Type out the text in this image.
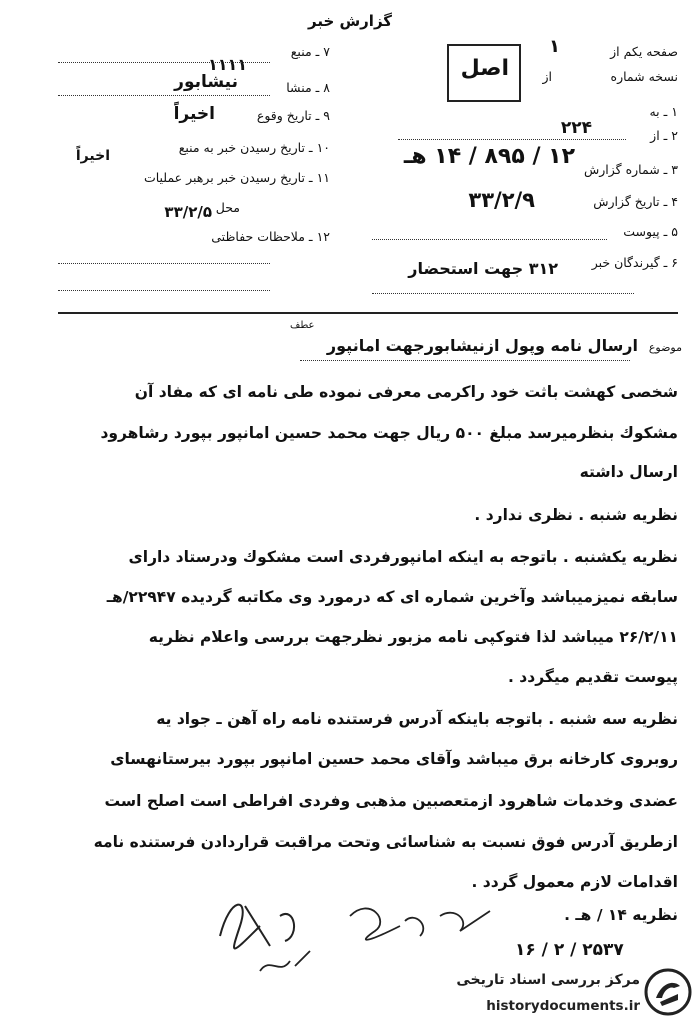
گزارش خبر
اصل
صفحه یکم از
۱
نسخه شماره
از
۱ ـ به
۲۲۴	۲ ـ از
۳ ـ شماره گزارش
۱۲ / ۸۹۵ / ۱۴ هـ
۴ ـ تاریخ گزارش
۳۳/۲/۹
۵ ـ پیوست
۶ ـ گیرندگان خبر
۳۱۲ جهت استحضار
۷ ـ منبع
۱۱۱۱
۸ ـ منشا
نیشابور
۹ ـ تاریخ وقوع
اخیراً
۱۰ ـ تاریخ رسیدن خبر به منبع
اخیراً
۱۱ ـ تاریخ رسیدن خبر برهبر عملیات
محل
۳۳/۲/۵
۱۲ ـ ملاحظات حفاظتی
عطف
موضوع
ارسال نامه وپول ازنیشابورجهت امانپور
شخصی کهشت باثت خود راکرمی معرفی نموده طی نامه ای که مفاد آن
مشکوك بنظرمیرسد مبلغ ۵۰۰ ریال جهت محمد حسین امانپور بپورد رشاهرود
ارسال داشته
نظریه شنبه . نظری ندارد .
نظریه یکشنبه . باتوجه به اینکه امانپورفردی است مشکوك ودرستاد دارای
سابقه نمیزمیباشد وآخرین شماره ای که درمورد وی مکاتبه گردیده ۲۲۹۴۷/هـ
۲۶/۲/۱۱ میباشد لذا فتوکپی نامه مزبور نظرجهت بررسی واعلام نظریه
پیوست تقدیم میگردد .
نظریه سه شنبه . باتوجه باینکه آدرس فرستنده نامه راه آهن ـ جواد یه
روبروی کارخانه برق میباشد وآقای محمد حسین امانپور بپورد بیرستانهسای
عضدی وخدمات شاهرود ازمتعصبین مذهبی وفردی افراطی است اصلح است
ازطریق آدرس فوق نسبت به شناسائی وتحت مراقبت قراردادن فرستنده نامه
اقدامات لازم معمول گردد .
نظریه ۱۴ / هـ .
۲۵۳۷ / ۲ / ۱۶
مرکز بررسی اسناد تاریخی
historydocuments.ir
